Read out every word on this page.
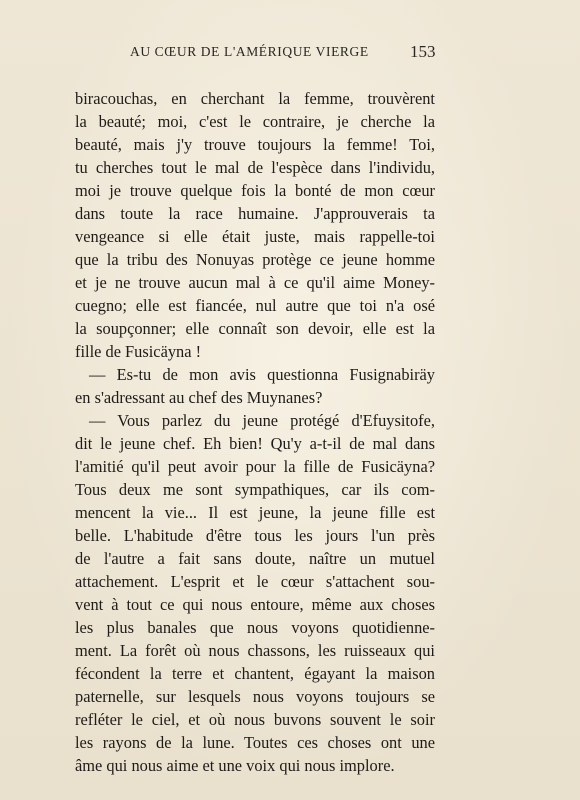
AU CŒUR DE L'AMÉRIQUE VIERGE	153
biracouchas, en cherchant la femme, trouvèrent
la beauté; moi, c'est le contraire, je cherche la
beauté, mais j'y trouve toujours la femme! Toi,
tu cherches tout le mal de l'espèce dans l'individu,
moi je trouve quelque fois la bonté de mon cœur
dans toute la race humaine. J'approuverais ta
vengeance si elle était juste, mais rappelle-toi
que la tribu des Nonuyas protège ce jeune homme
et je ne trouve aucun mal à ce qu'il aime Money-
cuegno; elle est fiancée, nul autre que toi n'a osé
la soupçonner; elle connaît son devoir, elle est la
fille de Fusicäyna !
— Es-tu de mon avis questionna Fusignabiräy
en s'adressant au chef des Muynanes?
— Vous parlez du jeune protégé d'Efuysitofe,
dit le jeune chef. Eh bien! Qu'y a-t-il de mal dans
l'amitié qu'il peut avoir pour la fille de Fusicäyna?
Tous deux me sont sympathiques, car ils com-
mencent la vie... Il est jeune, la jeune fille est
belle. L'habitude d'être tous les jours l'un près
de l'autre a fait sans doute, naître un mutuel
attachement. L'esprit et le cœur s'attachent sou-
vent à tout ce qui nous entoure, même aux choses
les plus banales que nous voyons quotidienne-
ment. La forêt où nous chassons, les ruisseaux qui
fécondent la terre et chantent, égayant la maison
paternelle, sur lesquels nous voyons toujours se
refléter le ciel, et où nous buvons souvent le soir
les rayons de la lune. Toutes ces choses ont une
âme qui nous aime et une voix qui nous implore.
